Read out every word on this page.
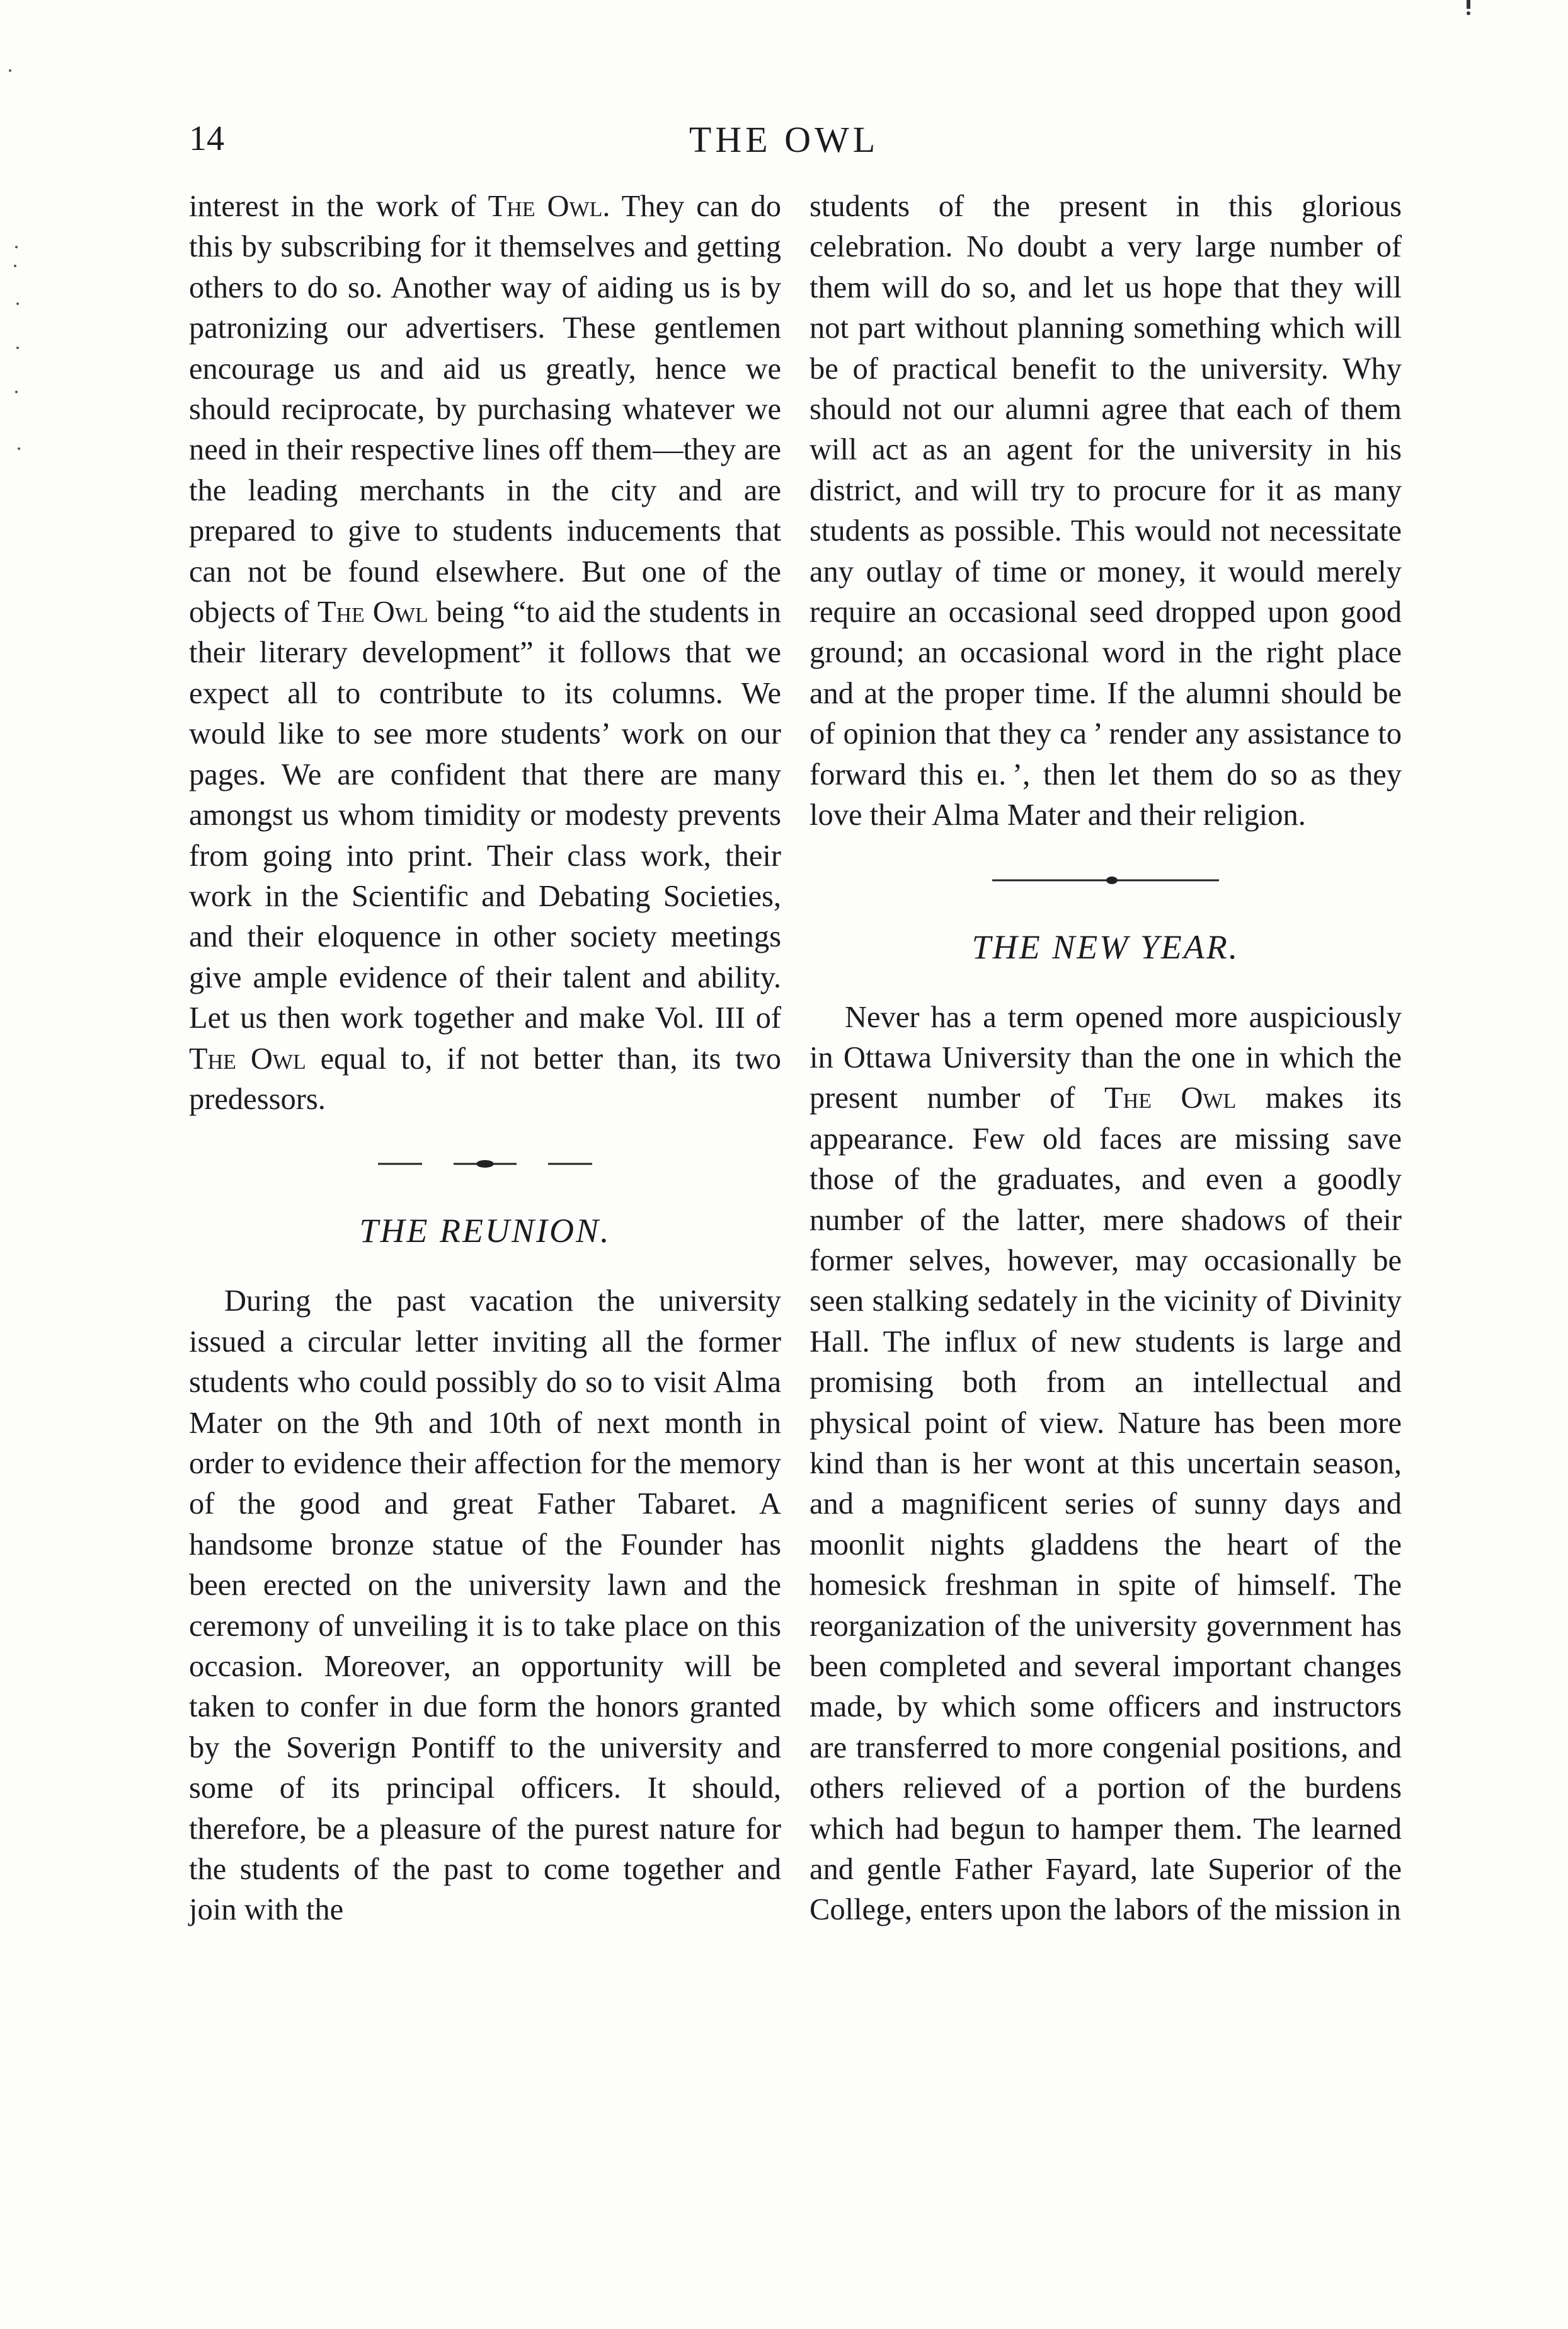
14	THE OWL

interest in the work of The Owl. They can do this by subscribing for it themselves and getting others to do so. Another way of aiding us is by patronizing our advertisers. These gentlemen encourage us and aid us greatly, hence we should reciprocate, by purchasing whatever we need in their respective lines off them—they are the leading merchants in the city and are prepared to give to students inducements that can not be found elsewhere. But one of the objects of The Owl being “to aid the students in their literary development” it follows that we expect all to contribute to its columns. We would like to see more students’ work on our pages. We are confident that there are many amongst us whom timidity or modesty prevents from going into print. Their class work, their work in the Scientific and Debating Societies, and their eloquence in other society meetings give ample evidence of their talent and ability. Let us then work together and make Vol. III of The Owl equal to, if not better than, its two predessors.

THE REUNION.

During the past vacation the university issued a circular letter inviting all the former students who could possibly do so to visit Alma Mater on the 9th and 10th of next month in order to evidence their affection for the memory of the good and great Father Tabaret. A handsome bronze statue of the Founder has been erected on the university lawn and the ceremony of unveiling it is to take place on this occasion. Moreover, an opportunity will be taken to confer in due form the honors granted by the Soverign Pontiff to the university and some of its principal officers. It should, therefore, be a pleasure of the purest nature for the students of the past to come together and join with the

students of the present in this glorious celebration. No doubt a very large number of them will do so, and let us hope that they will not part without planning something which will be of practical benefit to the university. Why should not our alumni agree that each of them will act as an agent for the university in his district, and will try to procure for it as many students as possible. This would not necessitate any outlay of time or money, it would merely require an occasional seed dropped upon good ground; an occasional word in the right place and at the proper time. If the alumni should be of opinion that they ca ’ render any assistance to forward this eı. ’, then let them do so as they love their Alma Mater and their religion.

THE NEW YEAR.

Never has a term opened more auspiciously in Ottawa University than the one in which the present number of The Owl makes its appearance. Few old faces are missing save those of the graduates, and even a goodly number of the latter, mere shadows of their former selves, however, may occasionally be seen stalking sedately in the vicinity of Divinity Hall. The influx of new students is large and promising both from an intellectual and physical point of view. Nature has been more kind than is her wont at this uncertain season, and a magnificent series of sunny days and moonlit nights gladdens the heart of the homesick freshman in spite of himself. The reorganization of the university government has been completed and several important changes made, by which some officers and instructors are transferred to more congenial positions, and others relieved of a portion of the burdens which had begun to hamper them. The learned and gentle Father Fayard, late Superior of the College, enters upon the labors of the mission in
